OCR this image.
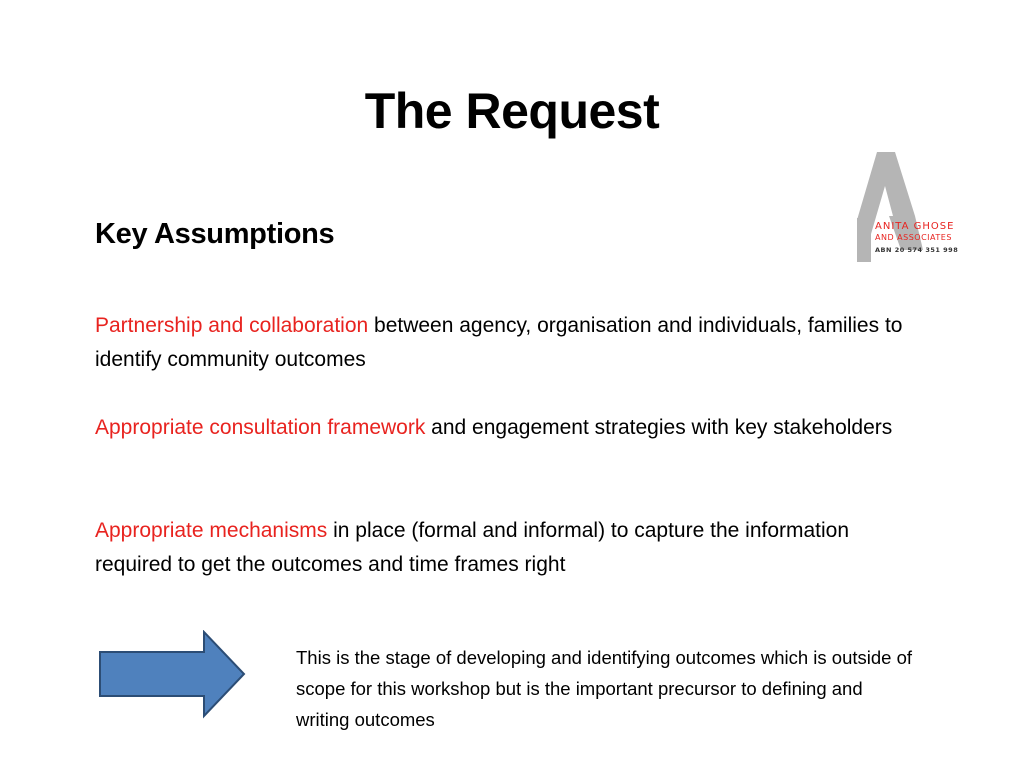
The Request
ANITA GHOSE
AND ASSOCIATES
ABN 20 574 351 998
Key Assumptions
Partnership and collaboration between agency, organisation and individuals, families to identify community outcomes
Appropriate consultation framework and engagement strategies with key stakeholders
Appropriate mechanisms in place (formal and informal) to capture the information required to get the outcomes and time frames right
This is the stage of developing and identifying outcomes which is outside of scope for this workshop but is the important precursor to defining and writing outcomes
